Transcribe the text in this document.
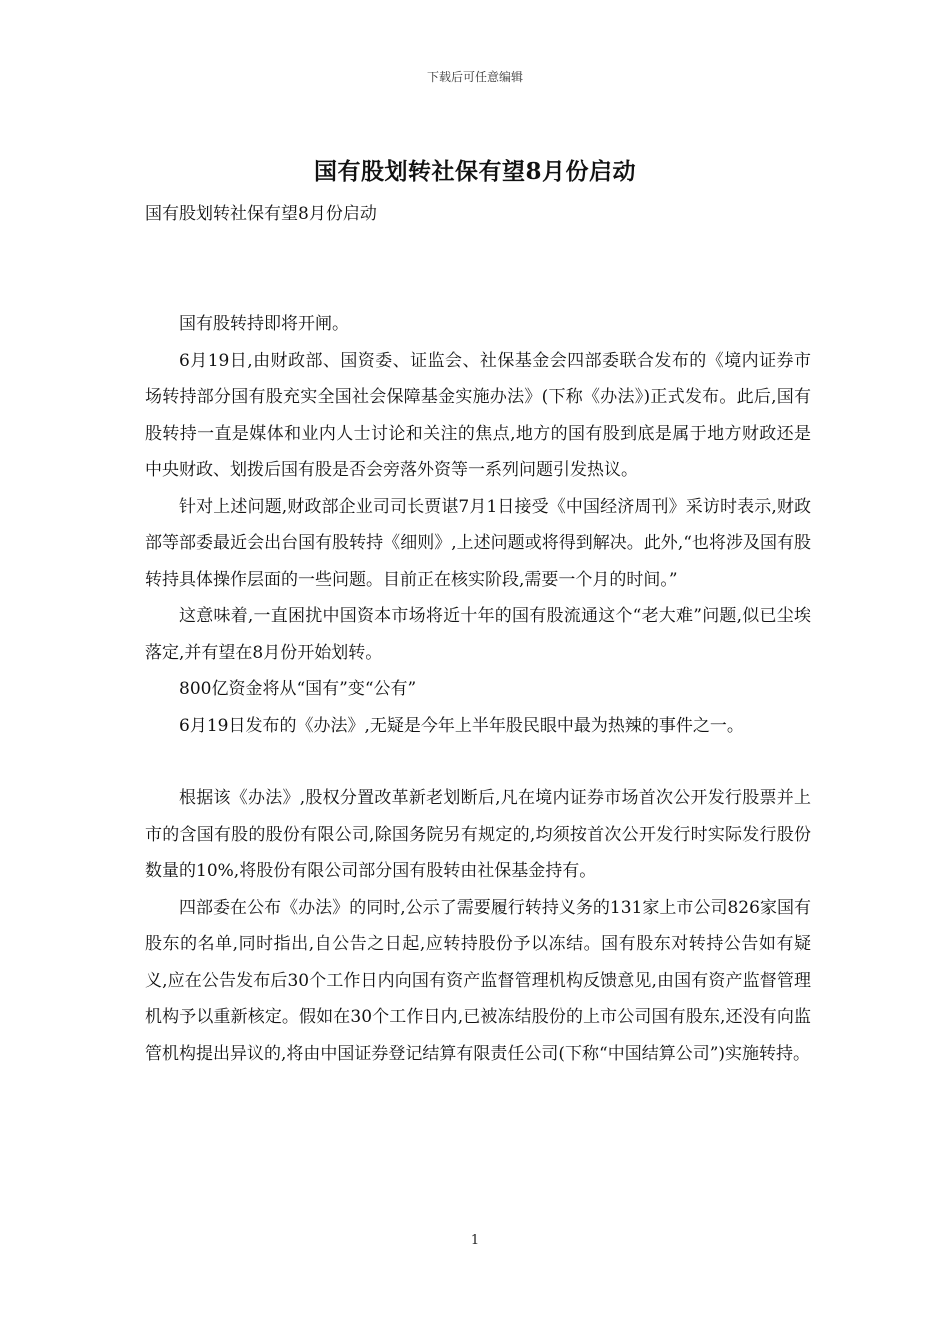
下载后可任意编辑
国有股划转社保有望8月份启动

国有股划转社保有望8月份启动

国有股转持即将开闸。

6月19日,由财政部、国资委、证监会、社保基金会四部委联合发布的《境内证券市场转持部分国有股充实全国社会保障基金实施办法》(下称《办法》)正式发布。此后,国有股转持一直是媒体和业内人士讨论和关注的焦点,地方的国有股到底是属于地方财政还是中央财政、划拨后国有股是否会旁落外资等一系列问题引发热议。

针对上述问题,财政部企业司司长贾谌7月1日接受《中国经济周刊》采访时表示,财政部等部委最近会出台国有股转持《细则》,上述问题或将得到解决。此外,“也将涉及国有股转持具体操作层面的一些问题。目前正在核实阶段,需要一个月的时间。”

这意味着,一直困扰中国资本市场将近十年的国有股流通这个“老大难”问题,似已尘埃落定,并有望在8月份开始划转。

800亿资金将从“国有”变“公有”

6月19日发布的《办法》,无疑是今年上半年股民眼中最为热辣的事件之一。

根据该《办法》,股权分置改革新老划断后,凡在境内证券市场首次公开发行股票并上市的含国有股的股份有限公司,除国务院另有规定的,均须按首次公开发行时实际发行股份数量的10%,将股份有限公司部分国有股转由社保基金持有。

四部委在公布《办法》的同时,公示了需要履行转持义务的131家上市公司826家国有股东的名单,同时指出,自公告之日起,应转持股份予以冻结。国有股东对转持公告如有疑义,应在公告发布后30个工作日内向国有资产监督管理机构反馈意见,由国有资产监督管理机构予以重新核定。假如在30个工作日内,已被冻结股份的上市公司国有股东,还没有向监管机构提出异议的,将由中国证券登记结算有限责任公司(下称“中国结算公司”)实施转持。

1
